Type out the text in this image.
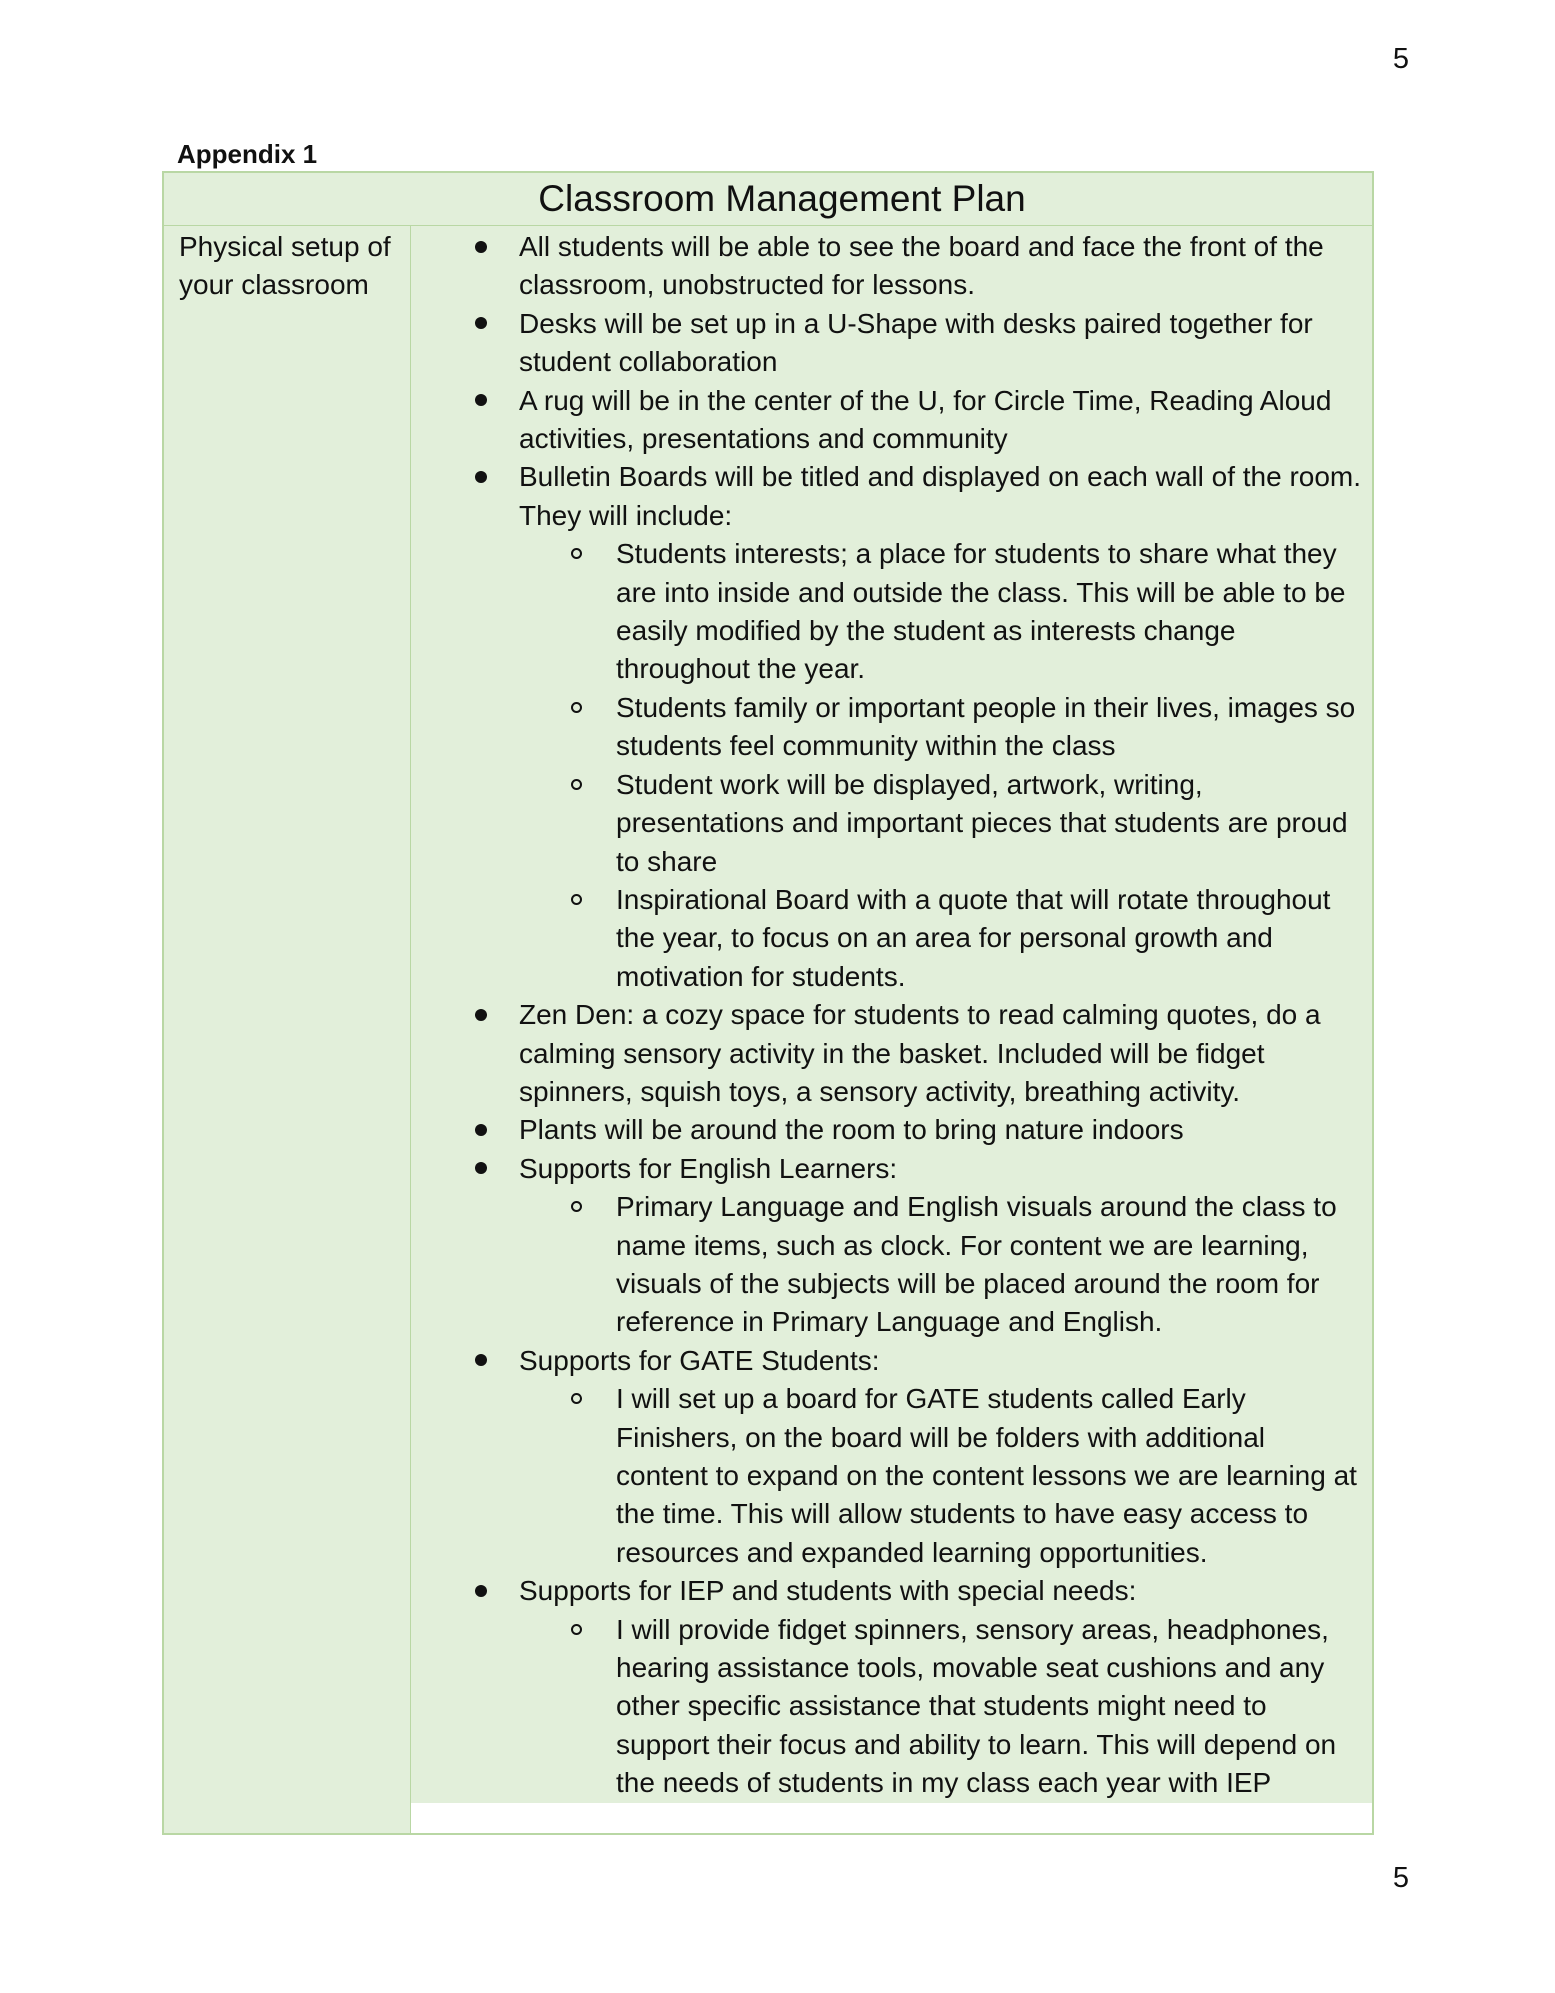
5
Appendix 1
Classroom Management Plan
Physical setup of your classroom
All students will be able to see the board and face the front of the classroom, unobstructed for lessons.
Desks will be set up in a U-Shape with desks paired together for student collaboration
A rug will be in the center of the U, for Circle Time, Reading Aloud activities, presentations and community
Bulletin Boards will be titled and displayed on each wall of the room. They will include:
Students interests; a place for students to share what they are into inside and outside the class. This will be able to be easily modified by the student as interests change throughout the year.
Students family or important people in their lives, images so students feel community within the class
Student work will be displayed, artwork, writing, presentations and important pieces that students are proud to share
Inspirational Board with a quote that will rotate throughout the year, to focus on an area for personal growth and motivation for students.
Zen Den: a cozy space for students to read calming quotes, do a calming sensory activity in the basket. Included will be fidget spinners, squish toys, a sensory activity, breathing activity.
Plants will be around the room to bring nature indoors
Supports for English Learners:
Primary Language and English visuals around the class to name items, such as clock. For content we are learning, visuals of the subjects will be placed around the room for reference in Primary Language and English.
Supports for GATE Students:
I will set up a board for GATE students called Early Finishers, on the board will be folders with additional content to expand on the content lessons we are learning at the time. This will allow students to have easy access to resources and expanded learning opportunities.
Supports for IEP and students with special needs:
I will provide fidget spinners, sensory areas, headphones, hearing assistance tools, movable seat cushions and any other specific assistance that students might need to support their focus and ability to learn. This will depend on the needs of students in my class each year with IEP
5
